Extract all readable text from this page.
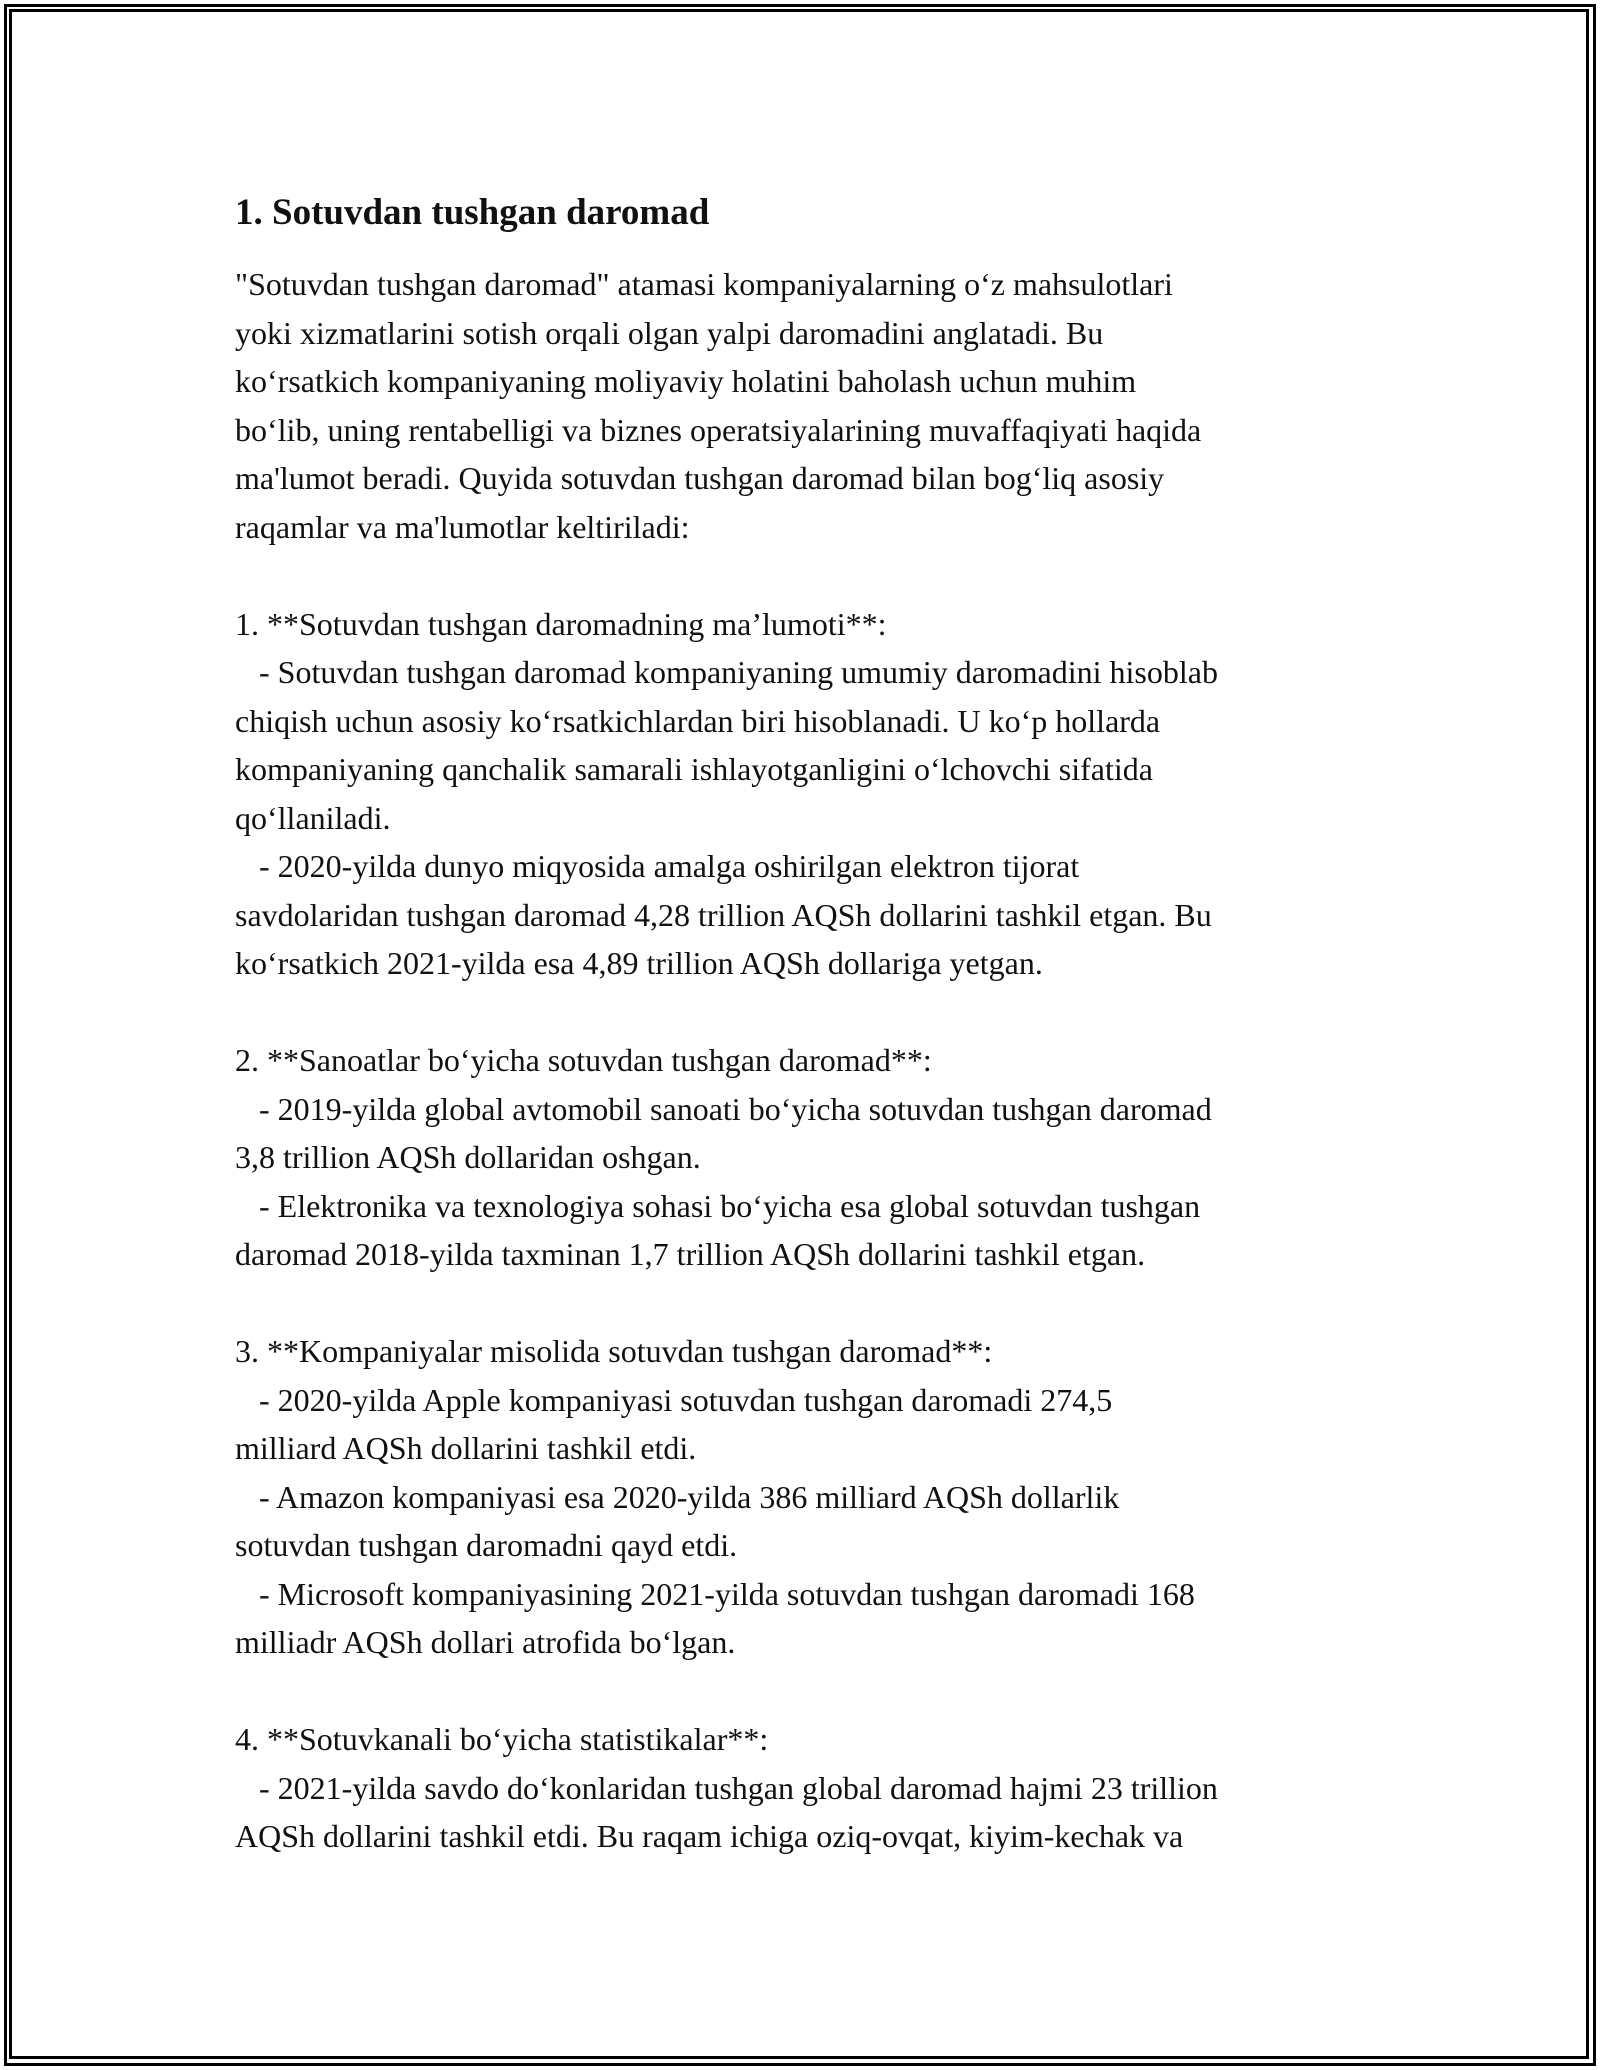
1. Sotuvdan tushgan daromad

"Sotuvdan tushgan daromad" atamasi kompaniyalarning o‘z mahsulotlari
yoki xizmatlarini sotish orqali olgan yalpi daromadini anglatadi. Bu
ko‘rsatkich kompaniyaning moliyaviy holatini baholash uchun muhim
bo‘lib, uning rentabelligi va biznes operatsiyalarining muvaffaqiyati haqida
ma'lumot beradi. Quyida sotuvdan tushgan daromad bilan bog‘liq asosiy
raqamlar va ma'lumotlar keltiriladi:

1. **Sotuvdan tushgan daromadning ma’lumoti**:

- Sotuvdan tushgan daromad kompaniyaning umumiy daromadini hisoblab
chiqish uchun asosiy ko‘rsatkichlardan biri hisoblanadi. U ko‘p hollarda
kompaniyaning qanchalik samarali ishlayotganligini o‘lchovchi sifatida
qo‘llaniladi.

- 2020-yilda dunyo miqyosida amalga oshirilgan elektron tijorat
savdolaridan tushgan daromad 4,28 trillion AQSh dollarini tashkil etgan. Bu
ko‘rsatkich 2021-yilda esa 4,89 trillion AQSh dollariga yetgan.

2. **Sanoatlar bo‘yicha sotuvdan tushgan daromad**:

- 2019-yilda global avtomobil sanoati bo‘yicha sotuvdan tushgan daromad
3,8 trillion AQSh dollaridan oshgan.

- Elektronika va texnologiya sohasi bo‘yicha esa global sotuvdan tushgan
daromad 2018-yilda taxminan 1,7 trillion AQSh dollarini tashkil etgan.

3. **Kompaniyalar misolida sotuvdan tushgan daromad**:

- 2020-yilda Apple kompaniyasi sotuvdan tushgan daromadi 274,5
milliard AQSh dollarini tashkil etdi.

- Amazon kompaniyasi esa 2020-yilda 386 milliard AQSh dollarlik
sotuvdan tushgan daromadni qayd etdi.

- Microsoft kompaniyasining 2021-yilda sotuvdan tushgan daromadi 168
milliadr AQSh dollari atrofida bo‘lgan.

4. **Sotuvkanali bo‘yicha statistikalar**:

- 2021-yilda savdo do‘konlaridan tushgan global daromad hajmi 23 trillion
AQSh dollarini tashkil etdi. Bu raqam ichiga oziq-ovqat, kiyim-kechak va
